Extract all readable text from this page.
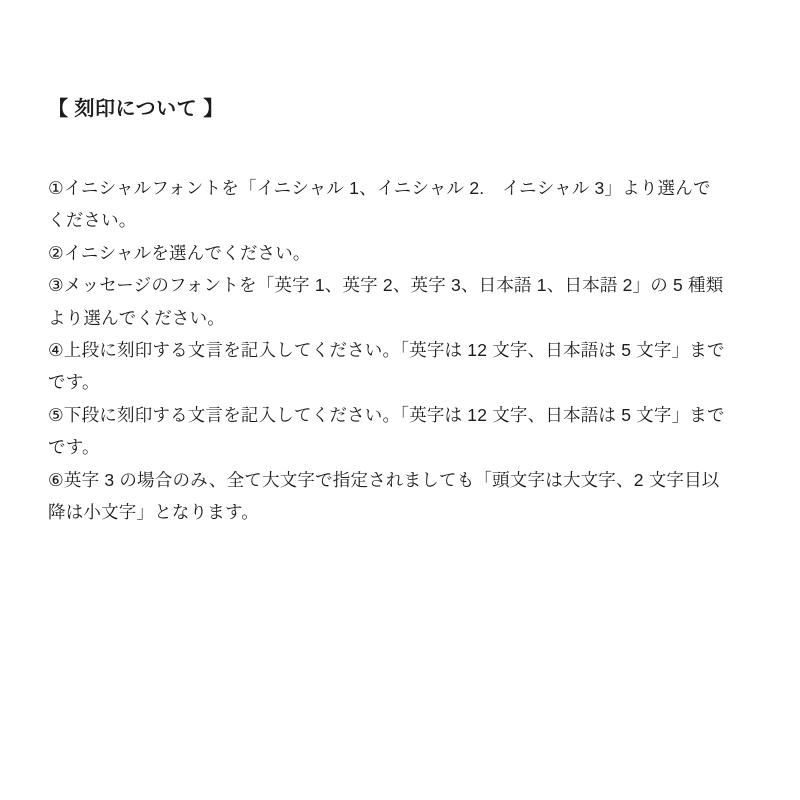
【 刻印について 】
①イニシャルフォントを「イニシャル 1、イニシャル 2.　イニシャル 3」より選んで
ください。
②イニシャルを選んでください。
③メッセージのフォントを「英字 1、英字 2、英字 3、日本語 1、日本語 2」の 5 種類
より選んでください。
④上段に刻印する文言を記入してください。「英字は 12 文字、日本語は 5 文字」まで
です。
⑤下段に刻印する文言を記入してください。「英字は 12 文字、日本語は 5 文字」まで
です。
⑥英字 3 の場合のみ、全て大文字で指定されましても「頭文字は大文字、2 文字目以
降は小文字」となります。
